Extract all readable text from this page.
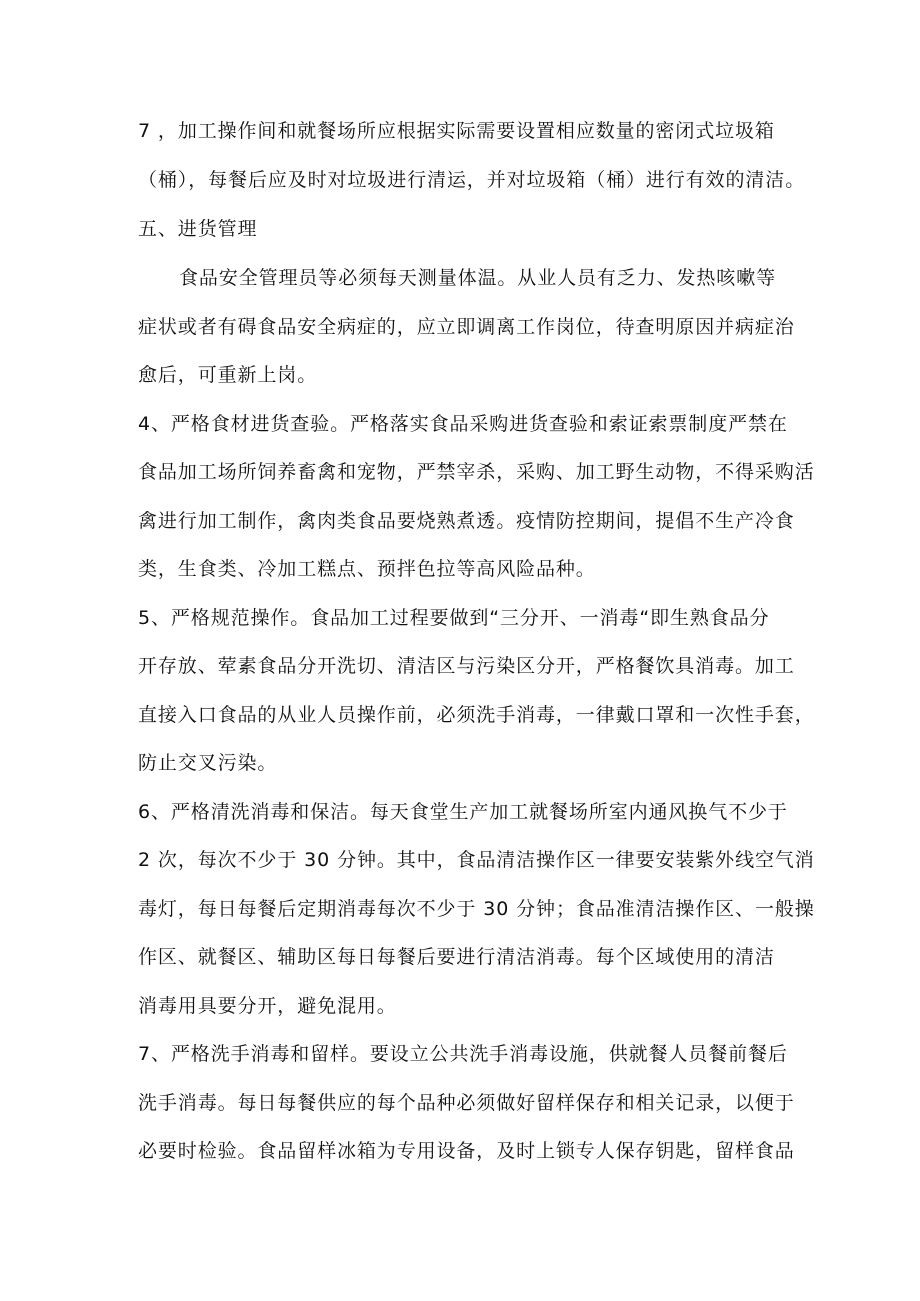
7 ，加工操作间和就餐场所应根据实际需要设置相应数量的密闭式垃圾箱
（桶），每餐后应及时对垃圾进行清运，并对垃圾箱（桶）进行有效的清洁。
五、进货管理
食品安全管理员等必须每天测量体温。从业人员有乏力、发热咳嗽等
症状或者有碍食品安全病症的，应立即调离工作岗位，待查明原因并病症治
愈后，可重新上岗。
4、严格食材进货查验。严格落实食品采购进货查验和索证索票制度严禁在
食品加工场所饲养畜禽和宠物，严禁宰杀，采购、加工野生动物，不得采购活
禽进行加工制作，禽肉类食品要烧熟煮透。疫情防控期间，提倡不生产冷食
类，生食类、冷加工糕点、预拌色拉等高风险品种。
5、严格规范操作。食品加工过程要做到“三分开、一消毒“即生熟食品分
开存放、荤素食品分开洗切、清洁区与污染区分开，严格餐饮具消毒。加工
直接入口食品的从业人员操作前，必须洗手消毒，一律戴口罩和一次性手套，
防止交叉污染。
6、严格清洗消毒和保洁。每天食堂生产加工就餐场所室内通风换气不少于
2 次，每次不少于 30 分钟。其中，食品清洁操作区一律要安装紫外线空气消
毒灯，每日每餐后定期消毒每次不少于 30 分钟；食品准清洁操作区、一般操
作区、就餐区、辅助区每日每餐后要进行清洁消毒。每个区域使用的清洁
消毒用具要分开，避免混用。
7、严格洗手消毒和留样。要设立公共洗手消毒设施，供就餐人员餐前餐后
洗手消毒。每日每餐供应的每个品种必须做好留样保存和相关记录，以便于
必要时检验。食品留样冰箱为专用设备，及时上锁专人保存钥匙，留样食品
